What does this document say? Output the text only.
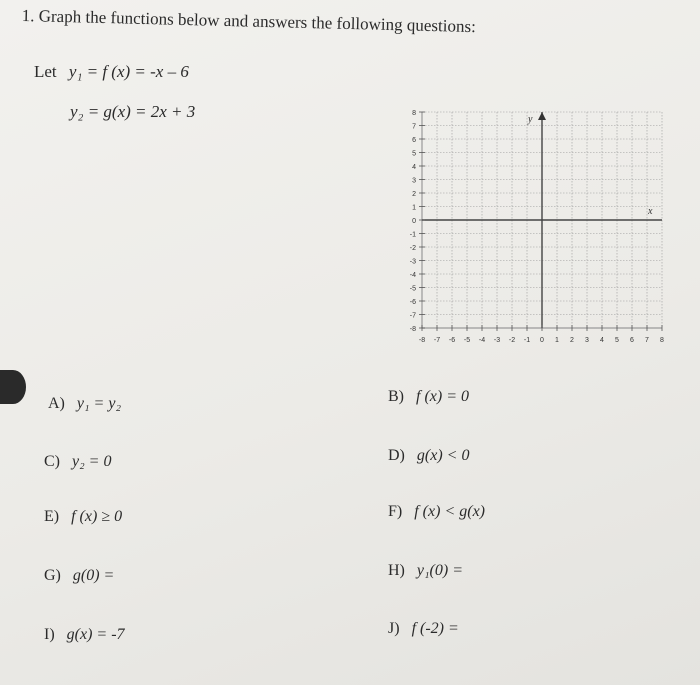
1. Graph the functions below and answers the following questions:
Let y₁ = f (x) = -x – 6
y₂ = g(x) = 2x + 3	8
7
6
5
4
3
2
1
0
-1
-2
-3
-4
-5
-6
-7
-8
-8 -7 -6 -5 -4 -3 -2 -1 0 1 2 3 4 5 6 7 8
y
x
A) y₁ = y₂	B) f (x) = 0
C) y₂ = 0	D) g(x) < 0
E) f (x) ≥ 0	F) f (x) < g(x)
G) g(0) =	H) y₁(0) =
I) g(x) = -7	J) f (-2) =
